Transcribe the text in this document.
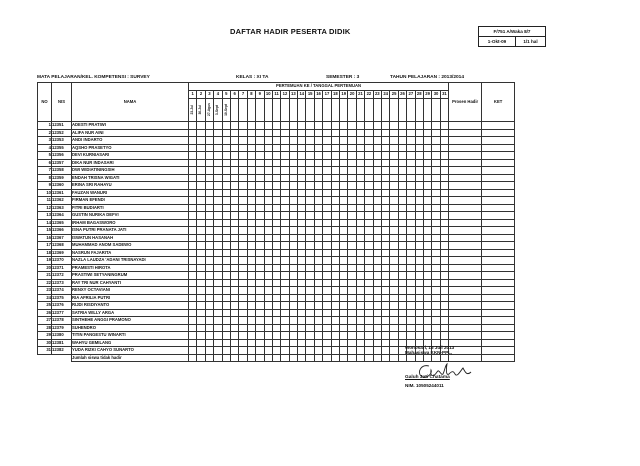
DAFTAR HADIR PESERTA DIDIK	F/751 A/Waka 8/7
1-Okt-09	1/1 hal
MATA PELAJARAN/KEL. KOMPETENSI : SURVEY	KELAS : XI TA	SEMESTER : 3	TAHUN PELAJARAN : 2013/2014
NO	NIS	NAMA	PERTEMUAN KE / TANGGAL PERTEMUAN																															Prosen Hadir	KET
			1	2	3	4	5	6	7	8	9	10	11	12	13	14	15	16	17	18	19	20	21	22	23	24	25	26	27	28	29	30	31		

			23-Jul	30-Jul	27-Agus	3-Sept	10-Sept																												

1	12351	ADESTI PRATIWI																																	
2	12352	ALIFA NUR AINI																																	
3	12353	ANDI INDARTO																																	
4	12355	AQSHO PRASETYO																																	
5	12356	DEVI KURNIASARI																																	
6	12357	DIKA NUR INDASARI																																	
7	12358	DWI WIDIATININGSIH																																	
8	12359	ENDAH TRISNA WIGATI																																	
9	12360	ERINA SRI RAHAYU																																	
10	12361	FAUZAN WANURI																																	
11	12362	FIRMAN EFENDI																																	
12	12363	FITRI BUDIARTI																																	
13	12364	GUSTIN NURIKA DEFVI																																	
14	12365	IRHAM BAGASWORO																																	
15	12366	ISNA PUTRI PRANATA JATI																																	
16	12367	ISWATUN HASANAH																																	
17	12368	MUHAMMAD ANOM SADEWO																																	
18	12369	NASRUN FAJARITA																																	
19	12370	NAZLA LAUDZA 'ADANI TRISNAYADI																																	
20	12371	PRAMESTI HIROTA																																	
21	12372	PRASTIWI SETYANINGRUM																																	
22	12373	RAY TRI NUR CAHYANTI																																	
23	12374	RENXY OCTAVIANI																																	
24	12375	RIA AFRILIA PUTRI																																	
25	12376	RIJDI RISDIYANTO																																	
26	12377	SATRIA WILLY ARGA																																	
27	12378	SINTHEHE ANGGI PRAMONO																																	
28	12379	SUHENDRO																																	
29	12380	TITIN PANGESTU WINARTI																																	
30	12381	WAHYU GEMILANG																																	
31	12382	YUDA RIZKI CAHYO SUNARTO																																	
		Jumlah siswa tidak hadir																																	
Wonosari, 15 Juli 2013
Mahasiswa KKN-PPL,
Galuh Jati Chatama
NIM. 10505244011
